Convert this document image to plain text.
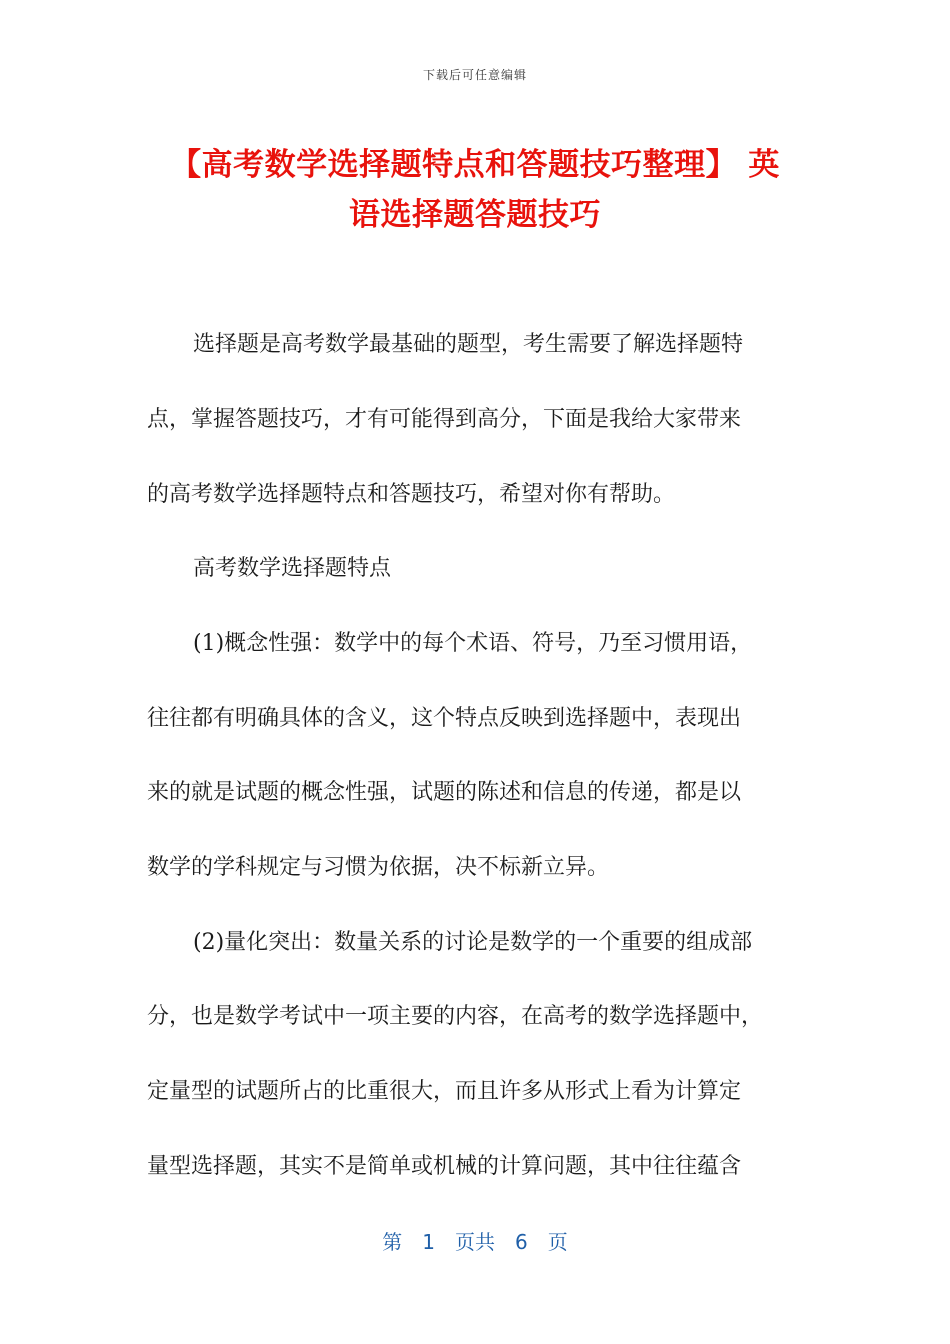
下载后可任意编辑
【高考数学选择题特点和答题技巧整理】 英
语选择题答题技巧
选择题是高考数学最基础的题型，考生需要了解选择题特
点，掌握答题技巧，才有可能得到高分，下面是我给大家带来
的高考数学选择题特点和答题技巧，希望对你有帮助。
高考数学选择题特点
(1)概念性强：数学中的每个术语、符号，乃至习惯用语，
往往都有明确具体的含义，这个特点反映到选择题中，表现出
来的就是试题的概念性强，试题的陈述和信息的传递，都是以
数学的学科规定与习惯为依据，决不标新立异。
(2)量化突出：数量关系的讨论是数学的一个重要的组成部
分，也是数学考试中一项主要的内容，在高考的数学选择题中，
定量型的试题所占的比重很大，而且许多从形式上看为计算定
量型选择题，其实不是简单或机械的计算问题，其中往往蕴含
第　1　页共　6　页
